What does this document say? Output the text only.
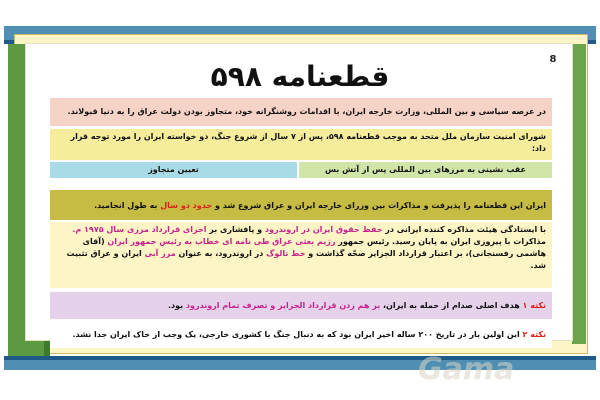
8
قطعنامه ۵۹۸
در عرصه سیاسی و بین المللی، وزارت خارجه ایران، با اقدامات روشنگرانه خود، متجاوز بودن دولت عراق را به دنیا قبولاند.
شورای امنیت سازمان ملل متحد به موجب قطعنامه ۵۹۸، پس از ۷ سال از شروع جنگ، دو خواسته ایران را مورد توجه قرار داد:
عقب نشینی به مرزهای بین المللی پس از آتش بس
تعیین متجاوز
ایران این قطعنامه را پذیرفت و مذاکرات بین وزرای خارجه ایران و عراق شروع شد و حدود دو سال به طول انجامید.
با ایستادگی هیئت مذاکره کننده ایرانی در حفظ حقوق ایران در اروندرود و پافشاری بر اجرای قرارداد مرزی سال ۱۹۷۵ م. مذاکرات با پیروزی ایران به پایان رسید. رئیس جمهور رژیم بعثی عراق طی نامه ای خطاب به رئیس جمهور ایران (آقای هاشمی رفسنجانی)، بر اعتبار قرارداد الجزایر صحّه گذاشت و خط تالوگ در اروندرود، به عنوان مرز آبی ایران و عراق تثبیت شد.
نکته ۱ هدف اصلی صدام از حمله به ایران، بر هم زدن قرارداد الجزایر و تصرف تمام اروندرود بود.
نکته ۲ این اولین بار در تاریخ ۲۰۰ ساله اخیر ایران بود که به دنبال جنگ با کشوری خارجی، یک وجب از خاک ایران جدا نشد.
Gama
